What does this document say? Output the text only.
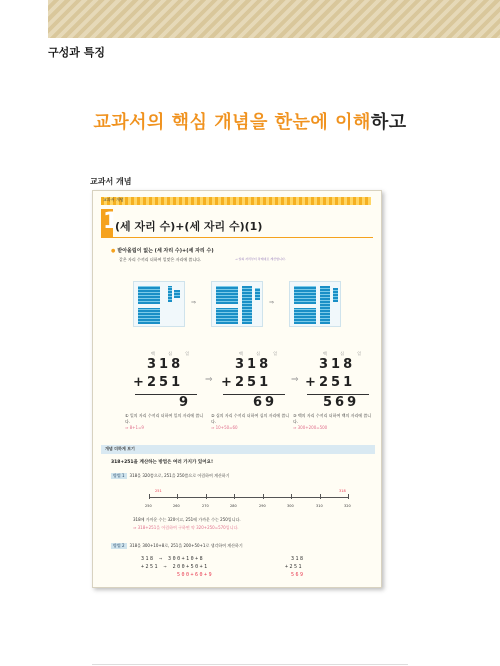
구성과 특징
교과서의 핵심 개념을 한눈에 이해하고
교과서 개념
교과서 개념
1
(세 자리 수)+(세 자리 수)(1)
● 받아올림이 없는 (세 자리 수)+(세 자리 수)
같은 자리 수끼리 더하여 일맞은 자리에 씁니다.	→ 일의 자리부터 차례대로 계산합니다.
⇒	⇒
백 십 일
318
+ 251
9
⇒
백 십 일
318
+ 251
69
⇒
백 십 일
318
+ 251
569
① 일의 자리 수끼리 더하여 일의 자리에 씁니다.
⇒ 8+1=9
② 십의 자리 수끼리 더하여 십의 자리에 씁니다.
⇒ 10+50=60
③ 백의 자리 수끼리 더하여 백의 자리에 씁니다.
⇒ 300+200=500
개념 더하게 보기
318+251을 계산하는 방법은 여러 가지가 있어요!
방법 1 318을 320쯤으로, 251을 250쯤으로 어림하여 계산하기
251	318
250	260	270	280	290	300	310	320
318에 가까운 수는 320이고, 251에 가까운 수는 250입니다.
⇒ 318+251을 어림하여 구하면 약 320+250=570입니다.
방법 2 318을 300+10+8로, 251을 200+50+1로 생각하여 계산하기
318 ⇒ 300+10+8
+251 ⇒ 200+50+1
500+60+9
318
+251
569
